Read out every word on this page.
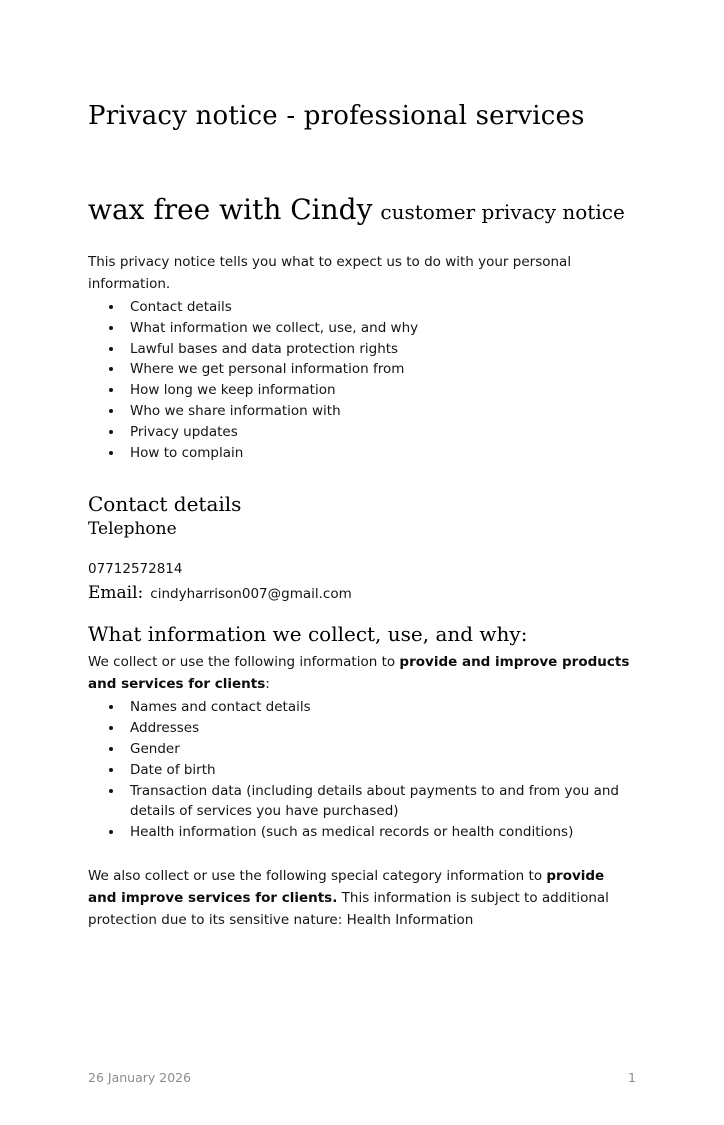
Privacy notice - professional services
wax free with Cindy customer privacy notice

This privacy notice tells you what to expect us to do with your personal information.

• Contact details
• What information we collect, use, and why
• Lawful bases and data protection rights
• Where we get personal information from
• How long we keep information
• Who we share information with
• Privacy updates
• How to complain
Contact details
Telephone

07712572814

Email: cindyharrison007@gmail.com

What information we collect, use, and why:

We collect or use the following information to provide and improve products and services for clients:

• Names and contact details
• Addresses
• Gender
• Date of birth
• Transaction data (including details about payments to and from you and details of services you have purchased)
• Health information (such as medical records or health conditions)

We also collect or use the following special category information to provide and improve services for clients. This information is subject to additional protection due to its sensitive nature: Health Information

26 January 2026	1
